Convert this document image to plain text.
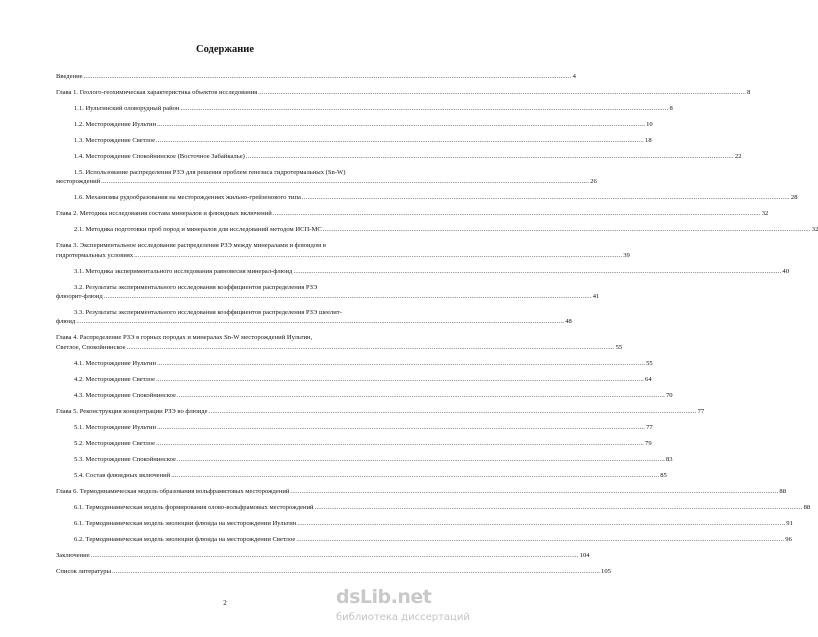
Содержание
Введение .....	4
Глава 1. Геолого-геохимическая характеристика объектов исследования .....	8
1.1. Иультинский оловорудный район .....	8
1.2. Месторождение Иультин .....	10
1.3. Месторождение Светлое .....	18
1.4. Месторождение Спокойнинское (Восточное Забайкалье) .....	22
1.5. Использование распределения РЗЭ для решения проблем генезиса гидротермальных (Sn-W)
месторождений .....	26
1.6. Механизмы рудообразования на месторождениях жильно-грейзенового типа .....	28
Глава 2. Методика исследования состава минералов и флюидных включений .....	32
2.1. Методика подготовки проб пород и минералов для исследований методом ИСП-МС .....	32
Глава 3. Экспериментальное исследование распределения РЗЭ между минералами и флюидом в
гидротермальных условиях .....	39
3.1. Методика экспериментального исследования равновесия минерал-флюид .....	40
3.2. Результаты экспериментального исследования коэффициентов распределения РЗЭ
флюорит-флюид .....	41
3.3. Результаты экспериментального исследования коэффициентов распределения РЗЭ шеелит-
флюид .....	48
Глава 4. Распределение РЗЭ в горных породах и минералах Sn-W месторождений Иультин,
Светлое, Спокойнинское .....	55
4.1. Месторождение Иультин .....	55
4.2. Месторождение Светлое .....	64
4.3. Месторождение Спокойнинское .....	70
Глава 5. Реконструкция концентрации РЗЭ во флюиде .....	77
5.1. Месторождение Иультин .....	77
5.2. Месторождение Светлое .....	79
5.3. Месторождение Спокойнинское .....	83
5.4. Состав флюидных включений .....	85
Глава 6. Термодинамическая модель образования вольфрамитовых месторождений .....	88
6.1. Термодинамическая модель формирования олово-вольфрамовых месторождений .....	88
6.1. Термодинамическая модель эволюции флюида на месторождении Иультин .....	91
6.2. Термодинамическая модель эволюции флюида на месторождении Светлое .....	96
Заключение .....	104
Список литературы .....	105
2	dsLib.net
библиотека диссертаций
